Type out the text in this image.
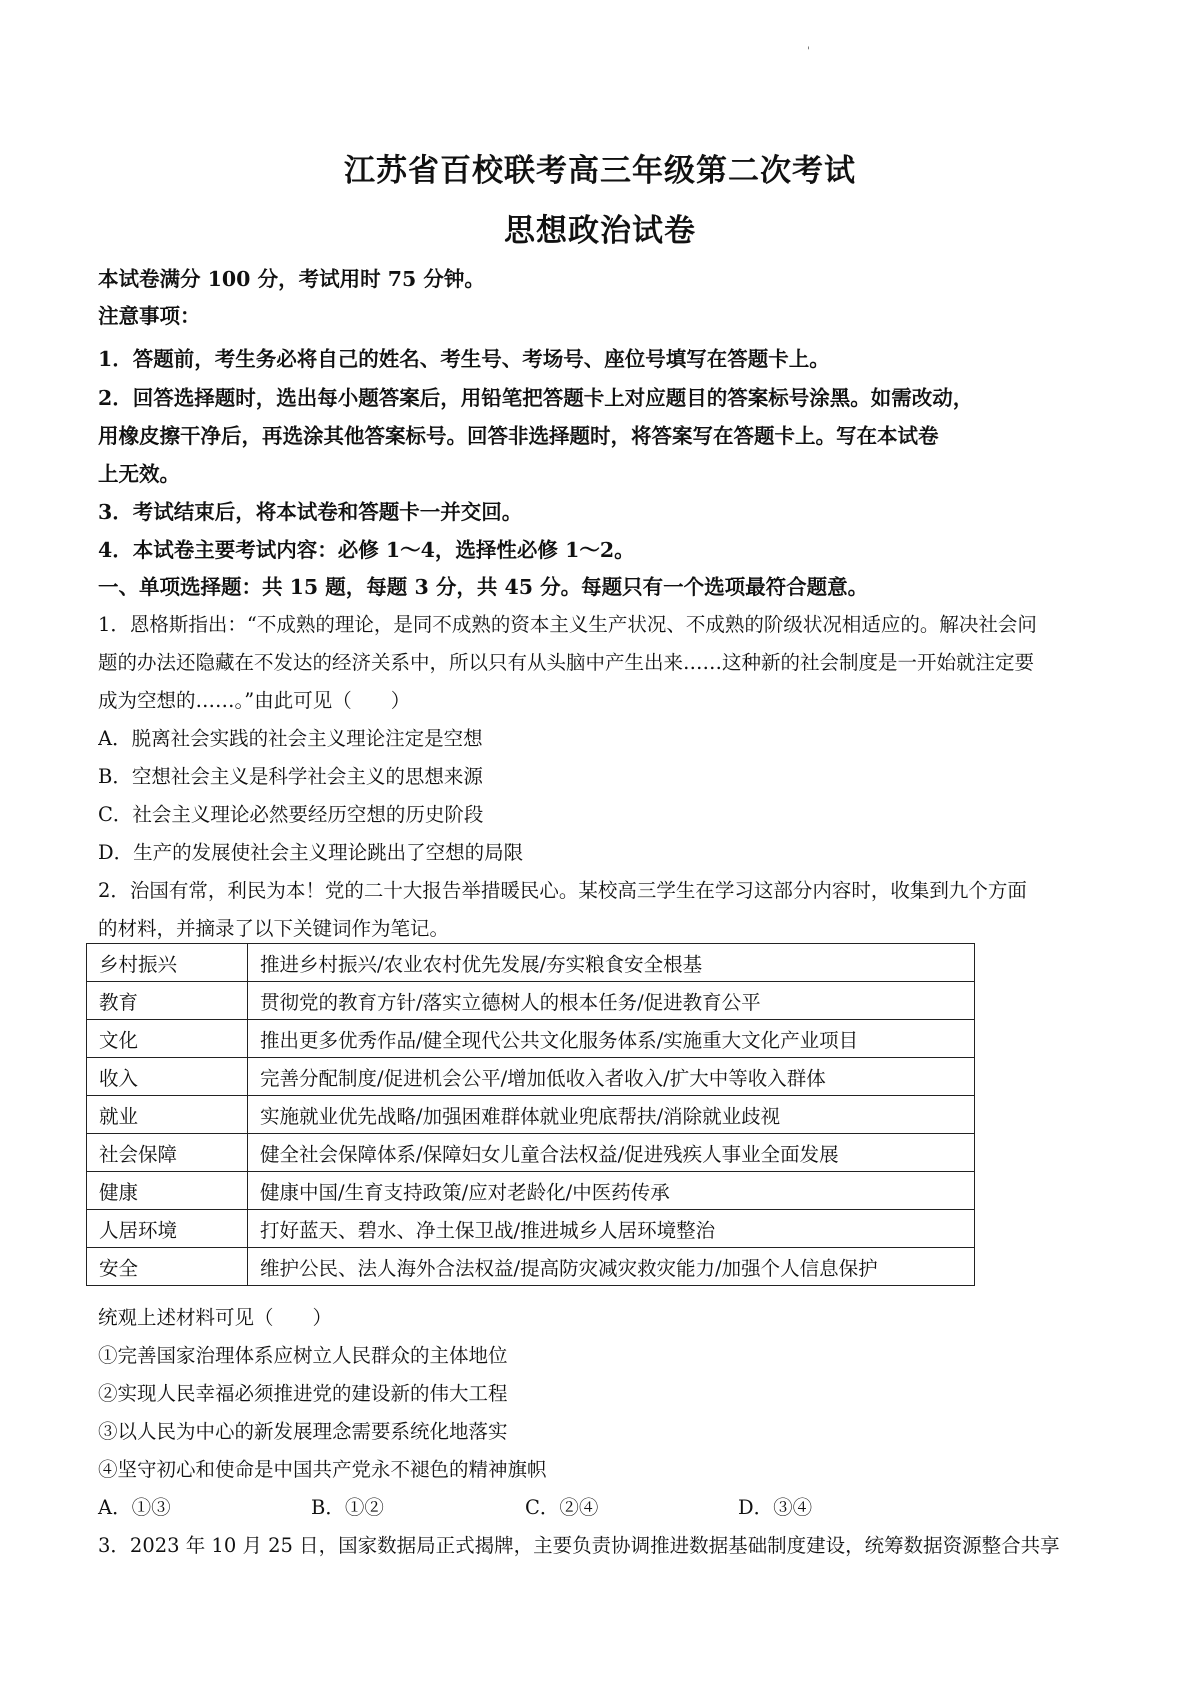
'
江苏省百校联考高三年级第二次考试
思想政治试卷
本试卷满分 100 分，考试用时 75 分钟。
注意事项：
1．答题前，考生务必将自己的姓名、考生号、考场号、座位号填写在答题卡上。
2．回答选择题时，选出每小题答案后，用铅笔把答题卡上对应题目的答案标号涂黑。如需改动，
用橡皮擦干净后，再选涂其他答案标号。回答非选择题时，将答案写在答题卡上。写在本试卷
上无效。
3．考试结束后，将本试卷和答题卡一并交回。
4．本试卷主要考试内容：必修 1～4，选择性必修 1～2。
一、单项选择题：共 15 题，每题 3 分，共 45 分。每题只有一个选项最符合题意。
1．恩格斯指出：“不成熟的理论，是同不成熟的资本主义生产状况、不成熟的阶级状况相适应的。解决社会问
题的办法还隐藏在不发达的经济关系中，所以只有从头脑中产生出来……这种新的社会制度是一开始就注定要
成为空想的……。”由此可见（　　）
A．脱离社会实践的社会主义理论注定是空想
B．空想社会主义是科学社会主义的思想来源
C．社会主义理论必然要经历空想的历史阶段
D．生产的发展使社会主义理论跳出了空想的局限
2．治国有常，利民为本！党的二十大报告举措暖民心。某校高三学生在学习这部分内容时，收集到九个方面
的材料，并摘录了以下关键词作为笔记。
乡村振兴	推进乡村振兴/农业农村优先发展/夯实粮食安全根基
教育	贯彻党的教育方针/落实立德树人的根本任务/促进教育公平
文化	推出更多优秀作品/健全现代公共文化服务体系/实施重大文化产业项目
收入	完善分配制度/促进机会公平/增加低收入者收入/扩大中等收入群体
就业	实施就业优先战略/加强困难群体就业兜底帮扶/消除就业歧视
社会保障	健全社会保障体系/保障妇女儿童合法权益/促进残疾人事业全面发展
健康	健康中国/生育支持政策/应对老龄化/中医药传承
人居环境	打好蓝天、碧水、净土保卫战/推进城乡人居环境整治
安全	维护公民、法人海外合法权益/提高防灾减灾救灾能力/加强个人信息保护
统观上述材料可见（　　）
①完善国家治理体系应树立人民群众的主体地位
②实现人民幸福必须推进党的建设新的伟大工程
③以人民为中心的新发展理念需要系统化地落实
④坚守初心和使命是中国共产党永不褪色的精神旗帜
A．①③	B．①②	C．②④	D．③④
3．2023 年 10 月 25 日，国家数据局正式揭牌，主要负责协调推进数据基础制度建设，统筹数据资源整合共享
